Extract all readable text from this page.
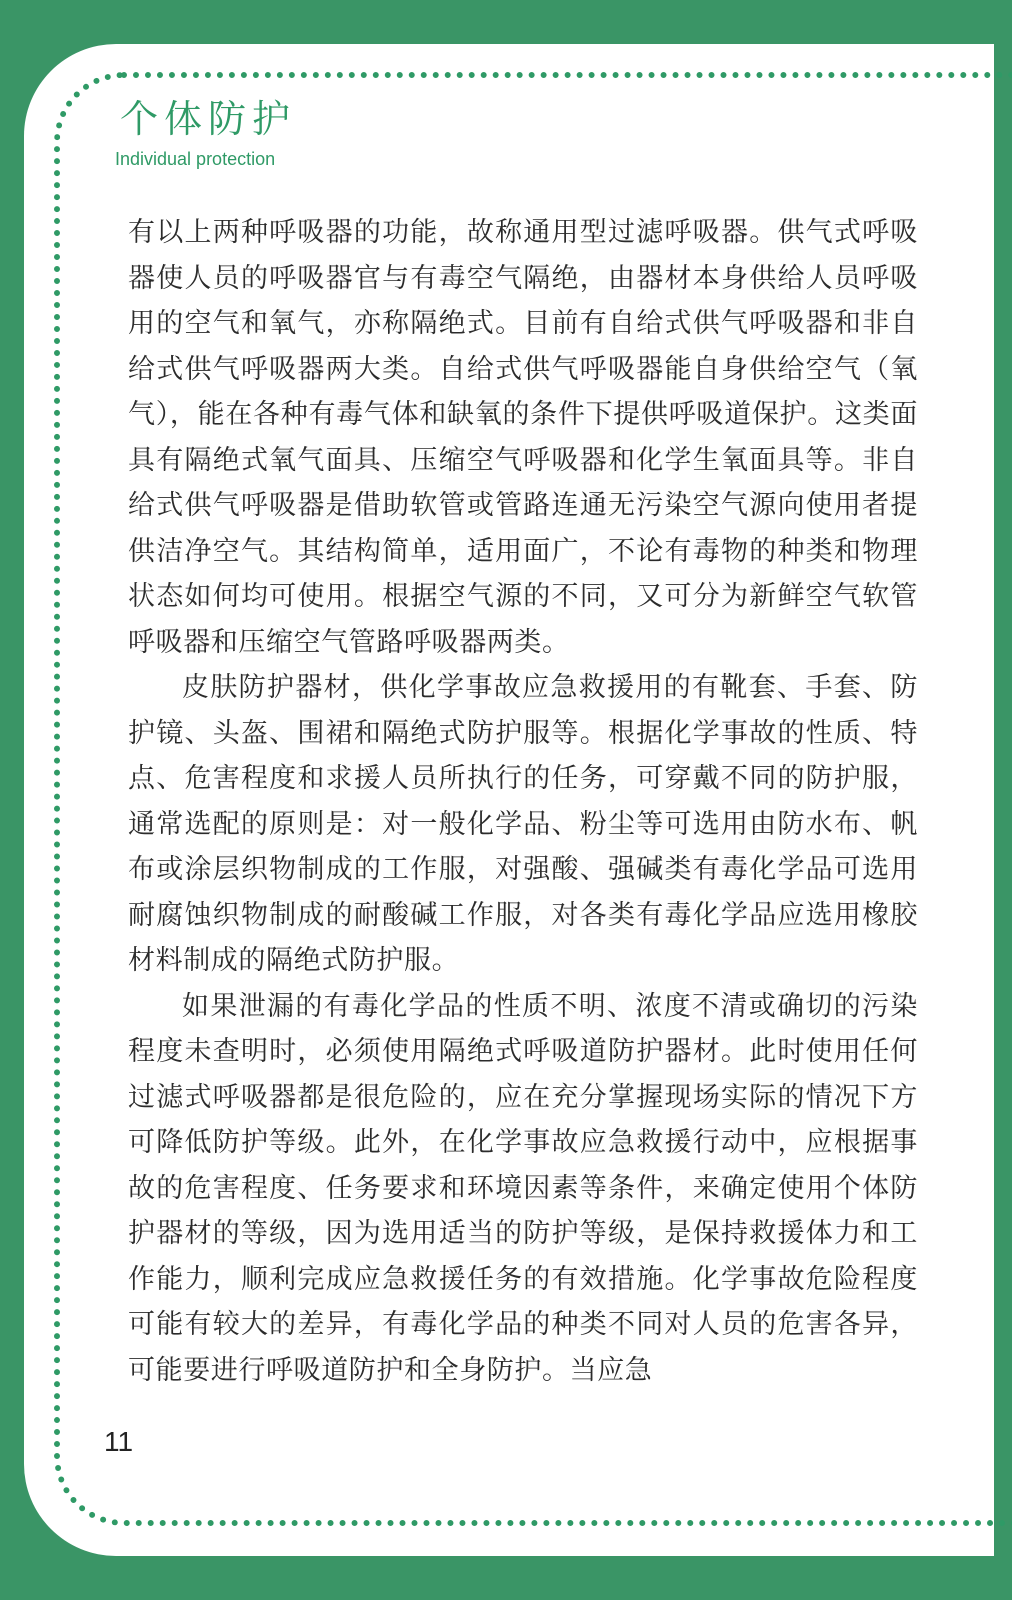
个体防护
Individual protection

有以上两种呼吸器的功能，故称通用型过滤呼吸器。供气式呼吸器使人员的呼吸器官与有毒空气隔绝，由器材本身供给人员呼吸用的空气和氧气，亦称隔绝式。目前有自给式供气呼吸器和非自给式供气呼吸器两大类。自给式供气呼吸器能自身供给空气（氧气），能在各种有毒气体和缺氧的条件下提供呼吸道保护。这类面具有隔绝式氧气面具、压缩空气呼吸器和化学生氧面具等。非自给式供气呼吸器是借助软管或管路连通无污染空气源向使用者提供洁净空气。其结构简单，适用面广，不论有毒物的种类和物理状态如何均可使用。根据空气源的不同，又可分为新鲜空气软管呼吸器和压缩空气管路呼吸器两类。

皮肤防护器材，供化学事故应急救援用的有靴套、手套、防护镜、头盔、围裙和隔绝式防护服等。根据化学事故的性质、特点、危害程度和求援人员所执行的任务，可穿戴不同的防护服，通常选配的原则是：对一般化学品、粉尘等可选用由防水布、帆布或涂层织物制成的工作服，对强酸、强碱类有毒化学品可选用耐腐蚀织物制成的耐酸碱工作服，对各类有毒化学品应选用橡胶材料制成的隔绝式防护服。

如果泄漏的有毒化学品的性质不明、浓度不清或确切的污染程度未查明时，必须使用隔绝式呼吸道防护器材。此时使用任何过滤式呼吸器都是很危险的，应在充分掌握现场实际的情况下方可降低防护等级。此外，在化学事故应急救援行动中，应根据事故的危害程度、任务要求和环境因素等条件，来确定使用个体防护器材的等级，因为选用适当的防护等级，是保持救援体力和工作能力，顺利完成应急救援任务的有效措施。化学事故危险程度可能有较大的差异，有毒化学品的种类不同对人员的危害各异，可能要进行呼吸道防护和全身防护。当应急

11
